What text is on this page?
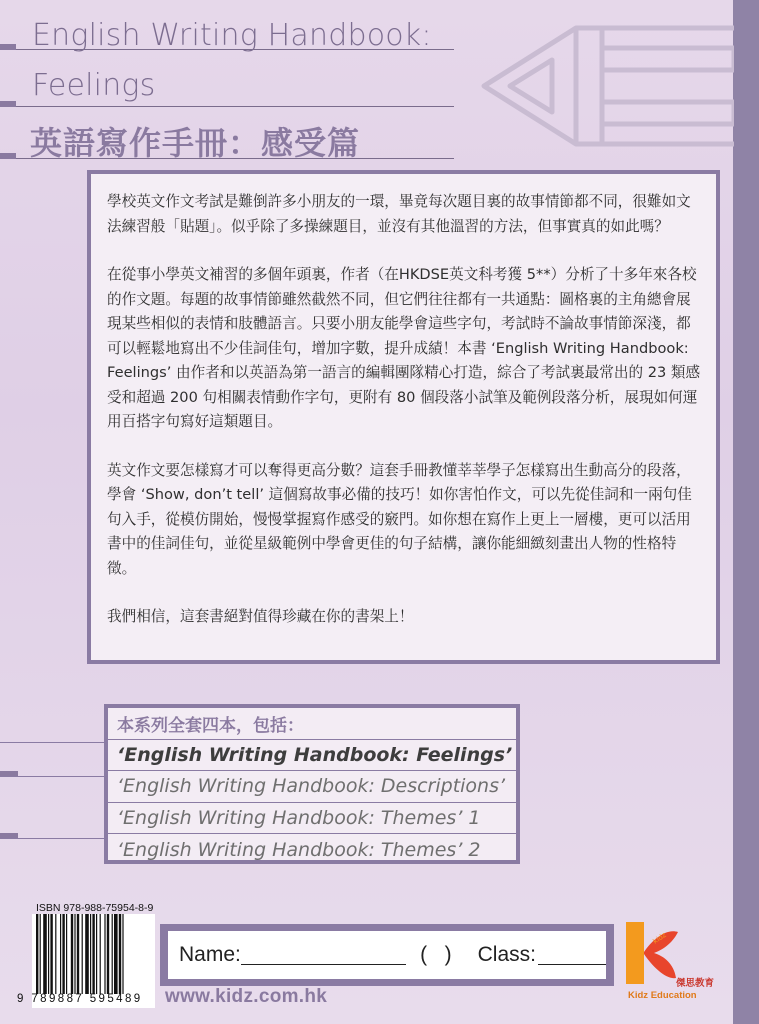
English Writing Handbook:
Feelings
英語寫作手冊：感受篇

學校英文作文考試是難倒許多小朋友的一環，畢竟每次題目裏的故事情節都不同，很難如文法練習般「貼題」。似乎除了多操練題目，並沒有其他溫習的方法，但事實真的如此嗎？

在從事小學英文補習的多個年頭裏，作者（在HKDSE英文科考獲 5**）分析了十多年來各校的作文題。每題的故事情節雖然截然不同，但它們往往都有一共通點：圖格裏的主角總會展現某些相似的表情和肢體語言。只要小朋友能學會這些字句，考試時不論故事情節深淺，都可以輕鬆地寫出不少佳詞佳句，增加字數，提升成績！本書 ‘English Writing Handbook: Feelings’ 由作者和以英語為第一語言的編輯團隊精心打造，綜合了考試裏最常出的 23 類感受和超過 200 句相關表情動作字句，更附有 80 個段落小試筆及範例段落分析，展現如何運用百搭字句寫好這類題目。

英文作文要怎樣寫才可以奪得更高分數？這套手冊教懂莘莘學子怎樣寫出生動高分的段落，學會 ‘Show, don’t tell’ 這個寫故事必備的技巧！如你害怕作文，可以先從佳詞和一兩句佳句入手，從模仿開始，慢慢掌握寫作感受的竅門。如你想在寫作上更上一層樓，更可以活用書中的佳詞佳句，並從星級範例中學會更佳的句子結構，讓你能細緻刻畫出人物的性格特徵。

我們相信，這套書絕對值得珍藏在你的書架上！

本系列全套四本，包括：
‘English Writing Handbook: Feelings’
‘English Writing Handbook: Descriptions’
‘English Writing Handbook: Themes’ 1
‘English Writing Handbook: Themes’ 2
ISBN 978-988-75954-8-9
9 789887 595489
Name:	(   ) Class:
www.kidz.com.hk
kidz
傑思教育
Kidz Education
